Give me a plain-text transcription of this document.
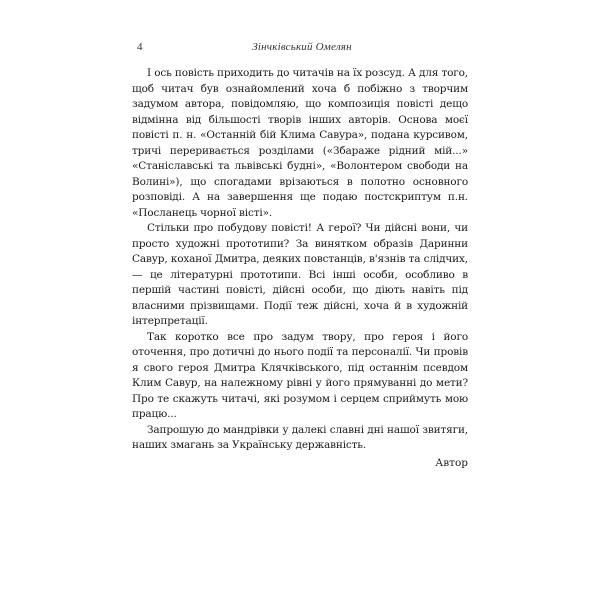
4	Зінчківський Омелян

І ось повість приходить до читачів на їх розсуд. А для того, щоб читач був ознайомлений хоча б побіжно з творчим задумом автора, повідомляю, що композиція повісті дещо відмінна від більшості творів інших авторів. Основа моєї повісті п. н. «Останній бій Клима Савура», подана курсивом, тричі переривається розділами («Збараже рідний мій...» «Станіславські та львівські будні», «Волонтером свободи на Волині»), що спогадами врізаються в полотно основного розповіді. А на завершення ще подаю постскриптум п.н. «Посланець чорної вісті».

Стільки про побудову повісті! А герої? Чи дійсні вони, чи просто художні прототипи? За винятком образів Даринни Савур, коханої Дмитра, деяких повстанців, в'язнів та слідчих, — це літературні прототипи. Всі інші особи, особливо в першій частині повісті, дійсні особи, що діють навіть під власними прізвищами. Події теж дійсні, хоча й в художній інтерпретації.

Так коротко все про задум твору, про героя і його оточення, про дотичні до нього події та персоналії. Чи провів я свого героя Дмитра Клячківського, під останнім псевдом Клим Савур, на належному рівні у його прямуванні до мети? Про те скажуть читачі, які розумом і серцем сприймуть мою працю...

Запрошую до мандрівки у далекі славні дні нашої звитяги, наших змагань за Українську державність.

Автор
